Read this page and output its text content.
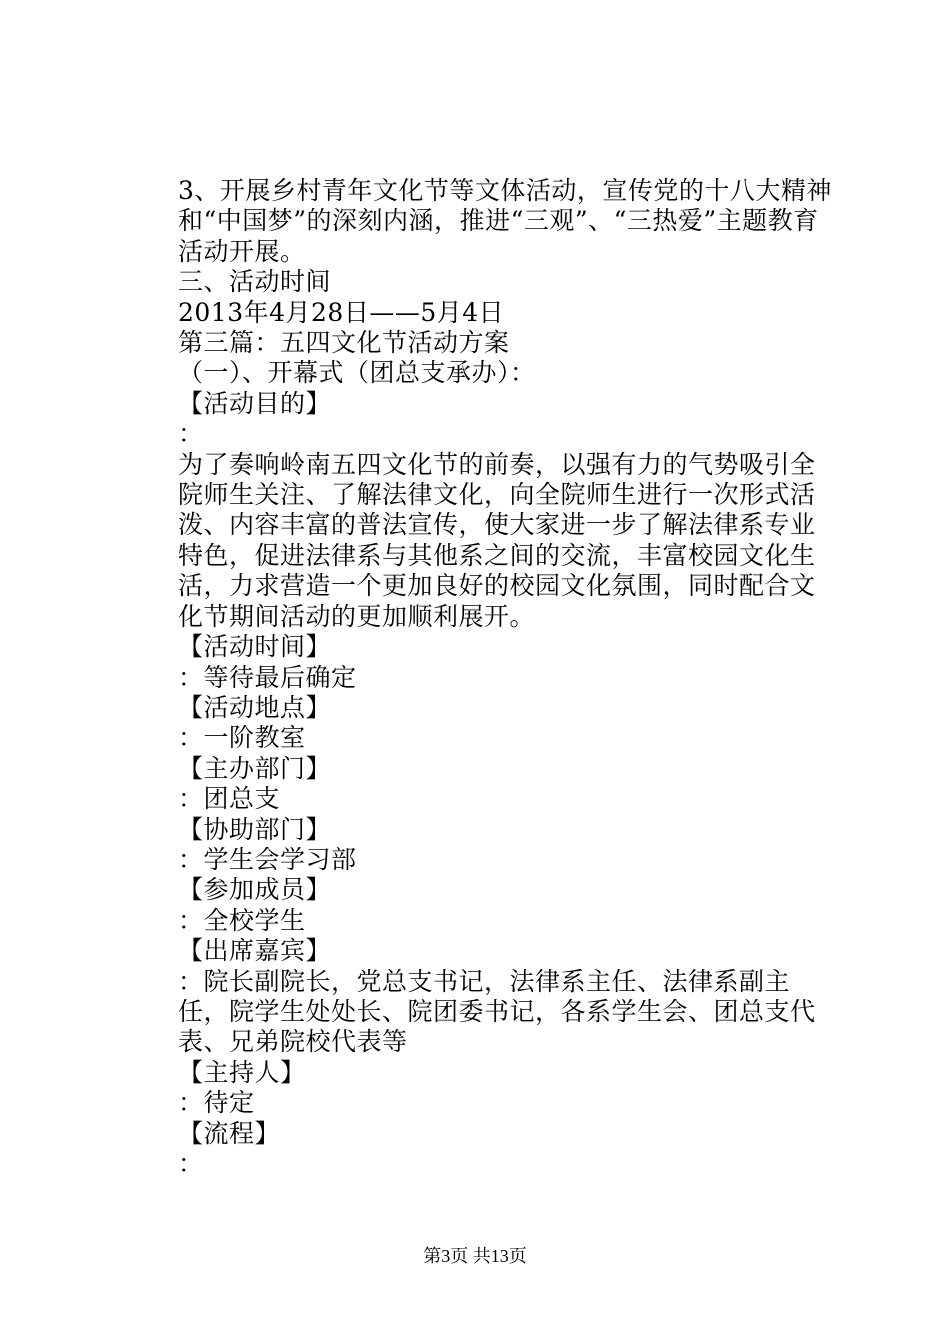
3、开展乡村青年文化节等文体活动，宣传党的十八大精神和“中国梦”的深刻内涵，推进“三观”、“三热爱”主题教育活动开展。

三、活动时间

2013年4月28日——5月4日

第三篇：五四文化节活动方案

（一）、开幕式（团总支承办）：

【活动目的】

：

为了奏响岭南五四文化节的前奏，以强有力的气势吸引全院师生关注、了解法律文化，向全院师生进行一次形式活泼、内容丰富的普法宣传，使大家进一步了解法律系专业特色，促进法律系与其他系之间的交流，丰富校园文化生活，力求营造一个更加良好的校园文化氛围，同时配合文化节期间活动的更加顺利展开。

【活动时间】

：等待最后确定

【活动地点】

：一阶教室

【主办部门】

：团总支

【协助部门】

：学生会学习部

【参加成员】

：全校学生

【出席嘉宾】

：院长副院长，党总支书记，法律系主任、法律系副主任，院学生处处长、院团委书记，各系学生会、团总支代表、兄弟院校代表等

【主持人】

：待定

【流程】

：

第3页 共13页
